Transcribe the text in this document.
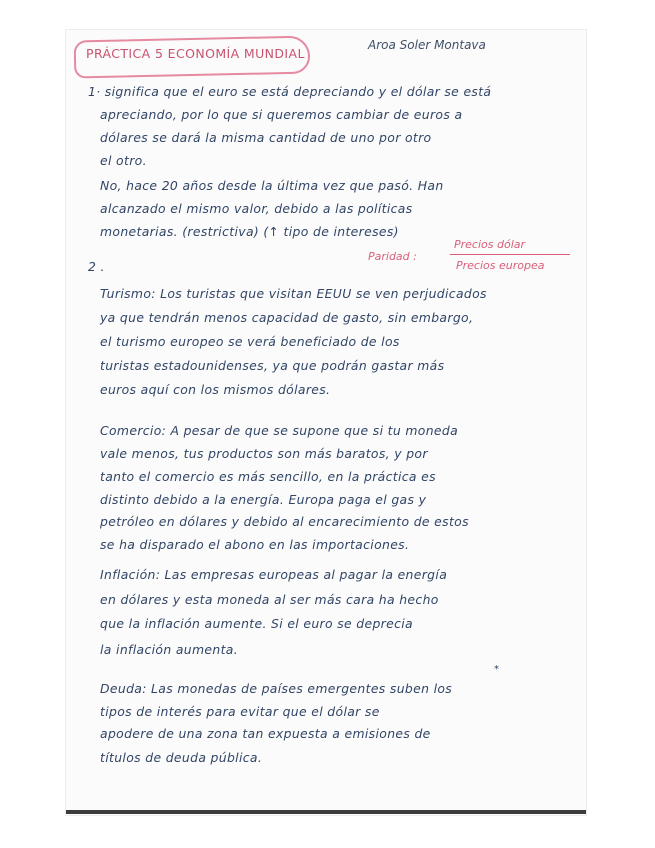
PRÁCTICA 5 ECONOMÍA MUNDIAL
Aroa Soler Montava
1· significa que el euro se está depreciando y el dólar se está
apreciando, por lo que si queremos cambiar de euros a
dólares se dará la misma cantidad de uno por otro
el otro.
No, hace 20 años desde la última vez que pasó. Han
alcanzado el mismo valor, debido a las políticas
monetarias. (restrictiva) (↑ tipo de intereses)
2 .
Paridad :
Precios dólar
Precios europea
Turismo: Los turistas que visitan EEUU se ven perjudicados
ya que tendrán menos capacidad de gasto, sin embargo,
el turismo europeo se verá beneficiado de los
turistas estadounidenses, ya que podrán gastar más
euros aquí con los mismos dólares.
Comercio: A pesar de que se supone que si tu moneda
vale menos, tus productos son más baratos, y por
tanto el comercio es más sencillo, en la práctica es
distinto debido a la energía. Europa paga el gas y
petróleo en dólares y debido al encarecimiento de estos
se ha disparado el abono en las importaciones.
Inflación: Las empresas europeas al pagar la energía
en dólares y esta moneda al ser más cara ha hecho
que la inflación aumente. Si el euro se deprecia
la inflación aumenta.
*
Deuda: Las monedas de países emergentes suben los
tipos de interés para evitar que el dólar se
apodere de una zona tan expuesta a emisiones de
títulos de deuda pública.
